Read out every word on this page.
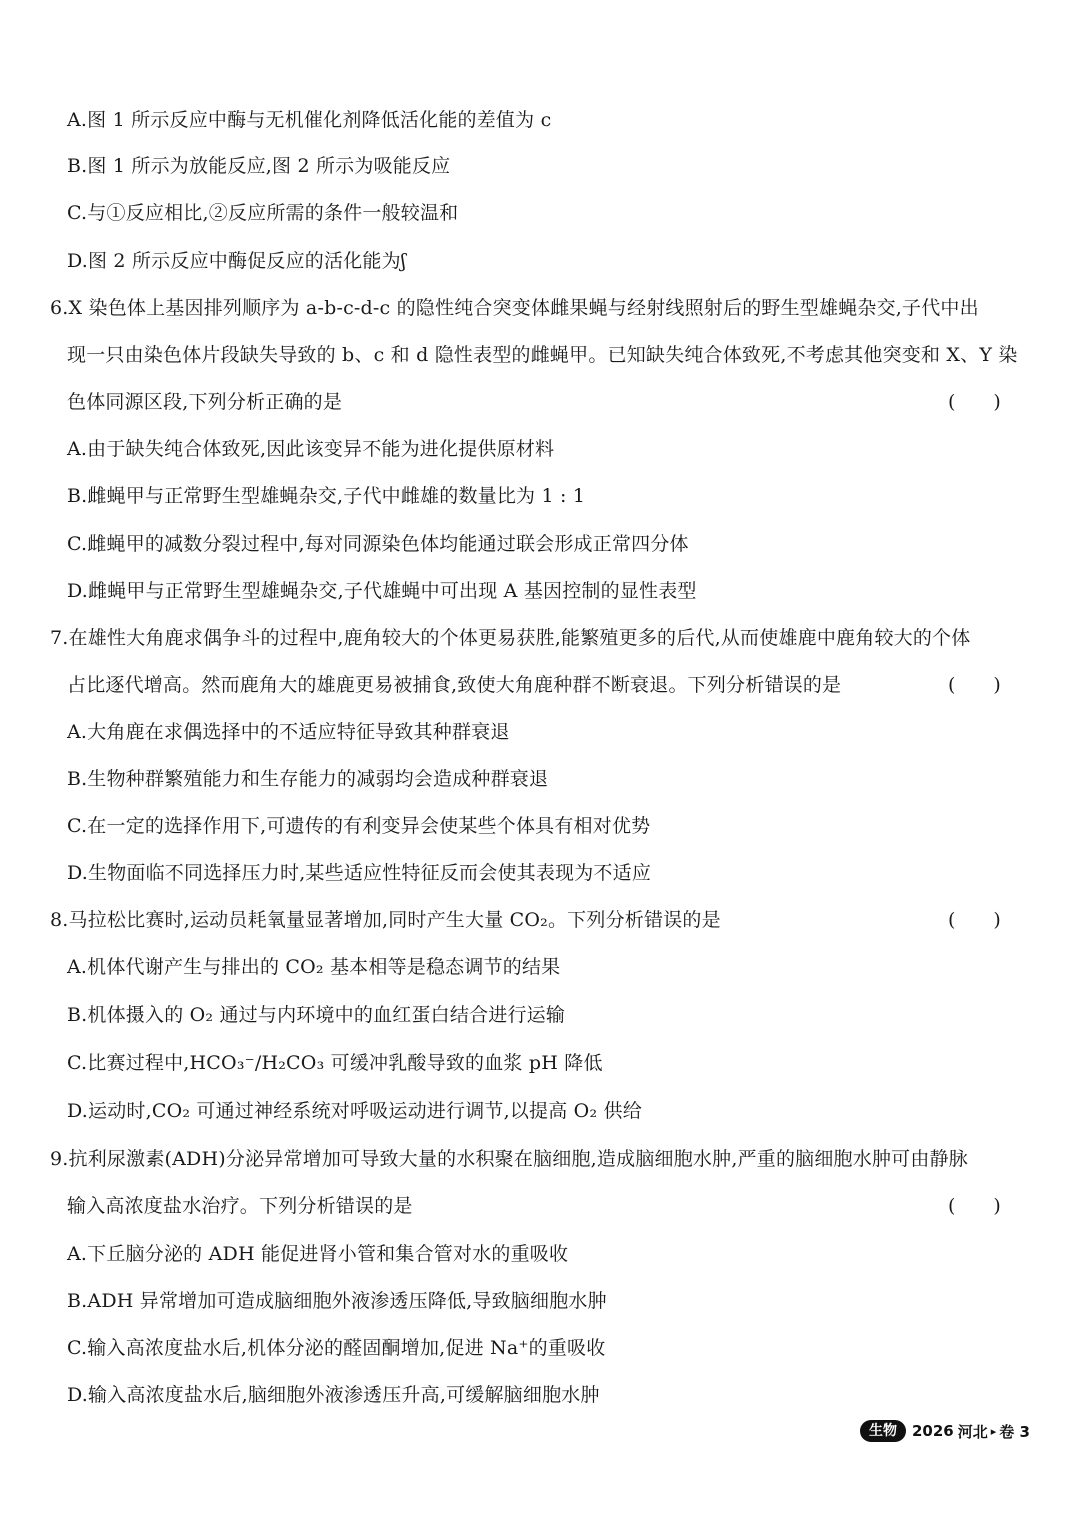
A.图 1 所示反应中酶与无机催化剂降低活化能的差值为 c
B.图 1 所示为放能反应,图 2 所示为吸能反应
C.与①反应相比,②反应所需的条件一般较温和
D.图 2 所示反应中酶促反应的活化能为ʃ
6.X 染色体上基因排列顺序为 a-b-c-d-c 的隐性纯合突变体雌果蝇与经射线照射后的野生型雄蝇杂交,子代中出
现一只由染色体片段缺失导致的 b、c 和 d 隐性表型的雌蝇甲。已知缺失纯合体致死,不考虑其他突变和 X、Y 染
色体同源区段,下列分析正确的是	(　　)
A.由于缺失纯合体致死,因此该变异不能为进化提供原材料
B.雌蝇甲与正常野生型雄蝇杂交,子代中雌雄的数量比为 1 : 1
C.雌蝇甲的减数分裂过程中,每对同源染色体均能通过联会形成正常四分体
D.雌蝇甲与正常野生型雄蝇杂交,子代雄蝇中可出现 A 基因控制的显性表型
7.在雄性大角鹿求偶争斗的过程中,鹿角较大的个体更易获胜,能繁殖更多的后代,从而使雄鹿中鹿角较大的个体
占比逐代增高。然而鹿角大的雄鹿更易被捕食,致使大角鹿种群不断衰退。下列分析错误的是	(　　)
A.大角鹿在求偶选择中的不适应特征导致其种群衰退
B.生物种群繁殖能力和生存能力的减弱均会造成种群衰退
C.在一定的选择作用下,可遗传的有利变异会使某些个体具有相对优势
D.生物面临不同选择压力时,某些适应性特征反而会使其表现为不适应
8.马拉松比赛时,运动员耗氧量显著增加,同时产生大量 CO₂。下列分析错误的是	(　　)
A.机体代谢产生与排出的 CO₂ 基本相等是稳态调节的结果
B.机体摄入的 O₂ 通过与内环境中的血红蛋白结合进行运输
C.比赛过程中,HCO₃⁻/H₂CO₃ 可缓冲乳酸导致的血浆 pH 降低
D.运动时,CO₂ 可通过神经系统对呼吸运动进行调节,以提高 O₂ 供给
9.抗利尿激素(ADH)分泌异常增加可导致大量的水积聚在脑细胞,造成脑细胞水肿,严重的脑细胞水肿可由静脉
输入高浓度盐水治疗。下列分析错误的是	(　　)
A.下丘脑分泌的 ADH 能促进肾小管和集合管对水的重吸收
B.ADH 异常增加可造成脑细胞外液渗透压降低,导致脑细胞水肿
C.输入高浓度盐水后,机体分泌的醛固酮增加,促进 Na⁺的重吸收
D.输入高浓度盐水后,脑细胞外液渗透压升高,可缓解脑细胞水肿
生物	2026 河北 ▸ 卷 3
